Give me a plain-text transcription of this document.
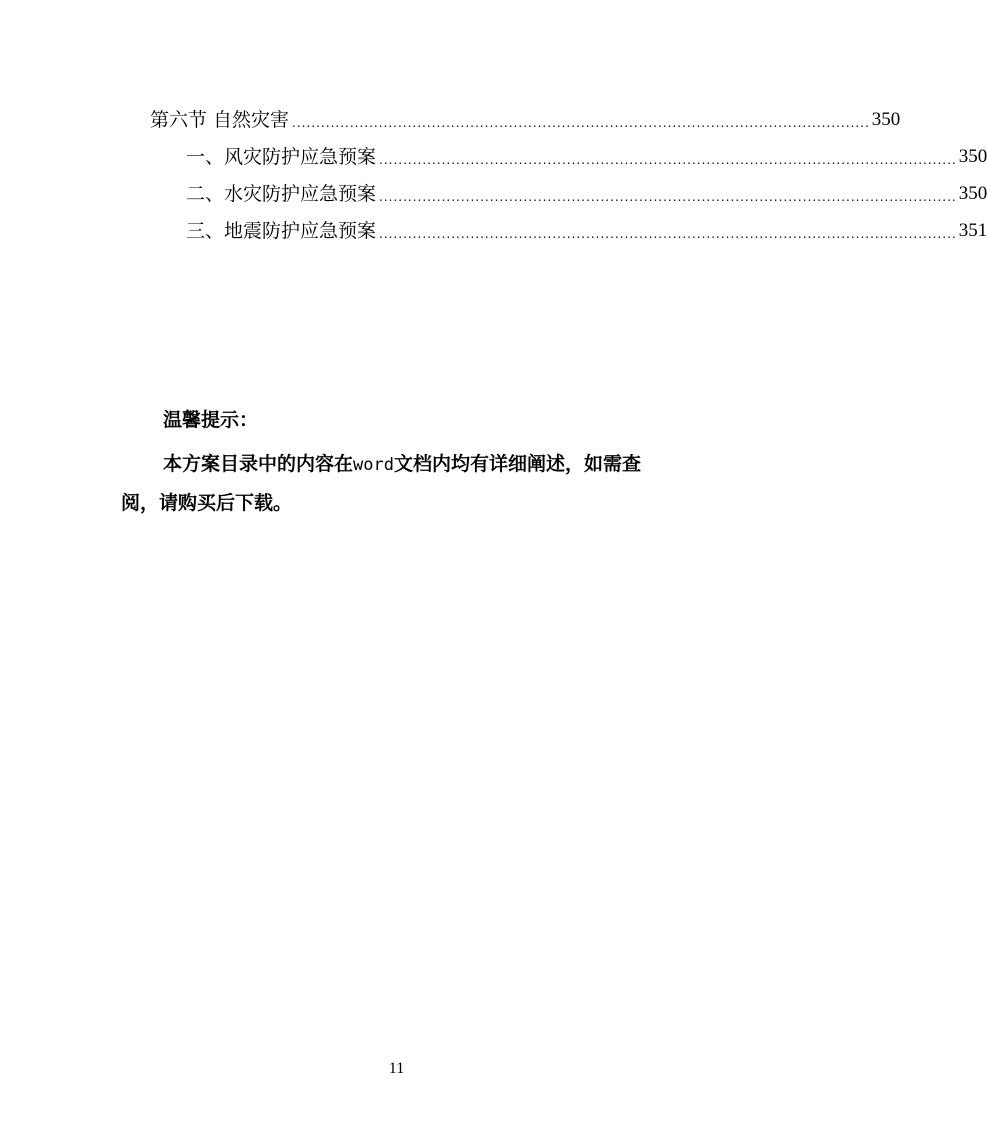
第六节 自然灾害 ........................................................................................................................ 350
一、风灾防护应急预案 ........................................................................................................................ 350
二、水灾防护应急预案 ........................................................................................................................ 350
三、地震防护应急预案 ........................................................................................................................ 351
温馨提示：
本方案目录中的内容在word文档内均有详细阐述，如需查阅，请购买后下载。
11
